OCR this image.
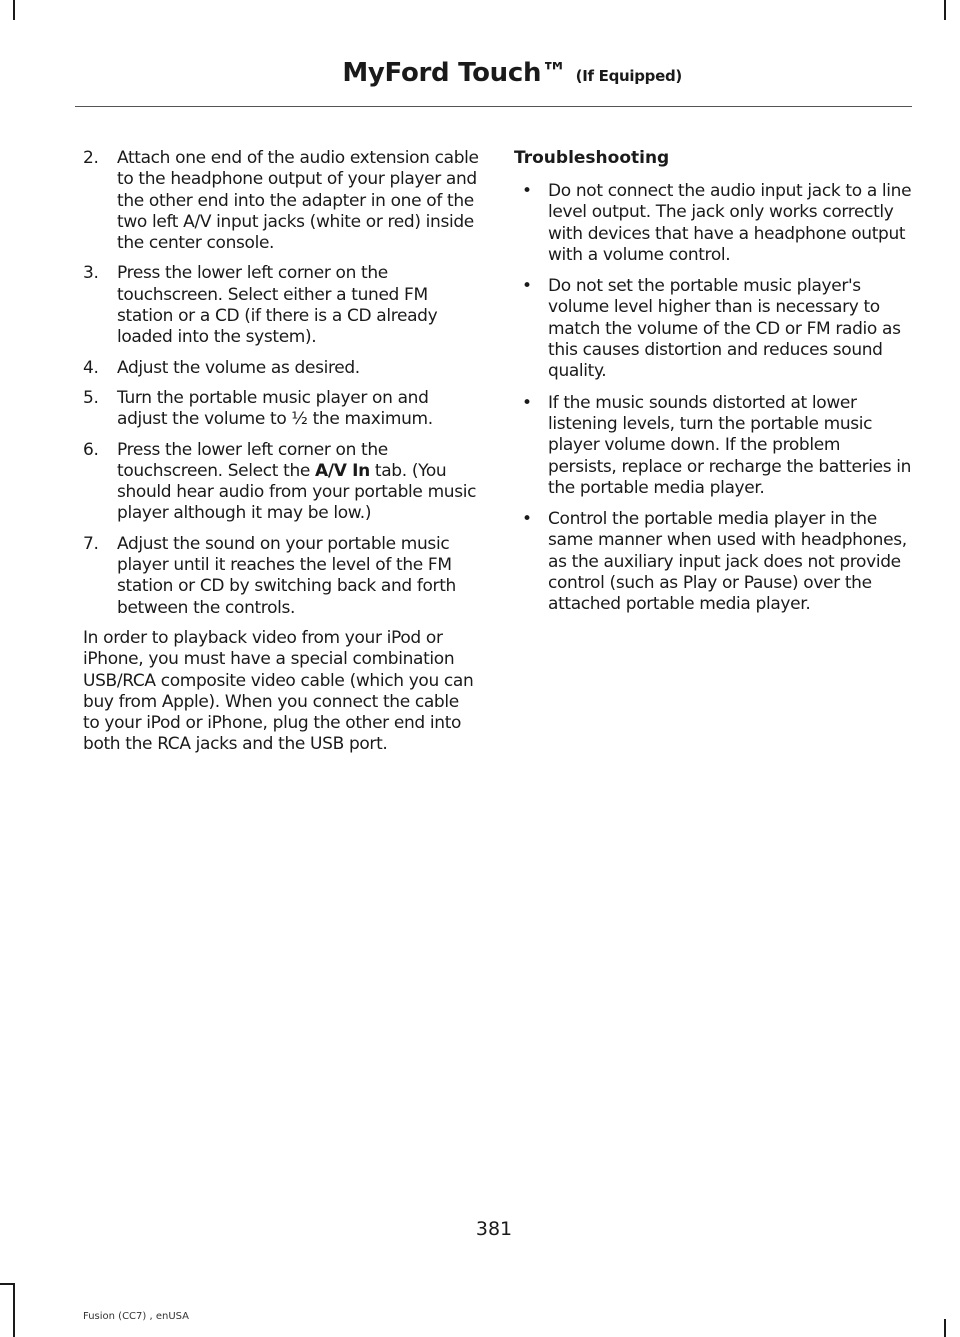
MyFord Touch™ (If Equipped)
2. Attach one end of the audio extension cable to the headphone output of your player and the other end into the adapter in one of the two left A/V input jacks (white or red) inside the center console.
3. Press the lower left corner on the touchscreen. Select either a tuned FM station or a CD (if there is a CD already loaded into the system).
4. Adjust the volume as desired.
5. Turn the portable music player on and adjust the volume to ½ the maximum.
6. Press the lower left corner on the touchscreen. Select the A/V In tab. (You should hear audio from your portable music player although it may be low.)
7. Adjust the sound on your portable music player until it reaches the level of the FM station or CD by switching back and forth between the controls.

In order to playback video from your iPod or iPhone, you must have a special combination USB/RCA composite video cable (which you can buy from Apple). When you connect the cable to your iPod or iPhone, plug the other end into both the RCA jacks and the USB port.

Troubleshooting
• Do not connect the audio input jack to a line level output. The jack only works correctly with devices that have a headphone output with a volume control.
• Do not set the portable music player's volume level higher than is necessary to match the volume of the CD or FM radio as this causes distortion and reduces sound quality.
• If the music sounds distorted at lower listening levels, turn the portable music player volume down. If the problem persists, replace or recharge the batteries in the portable media player.
• Control the portable media player in the same manner when used with headphones, as the auxiliary input jack does not provide control (such as Play or Pause) over the attached portable media player.
381
Fusion (CC7) , enUSA
